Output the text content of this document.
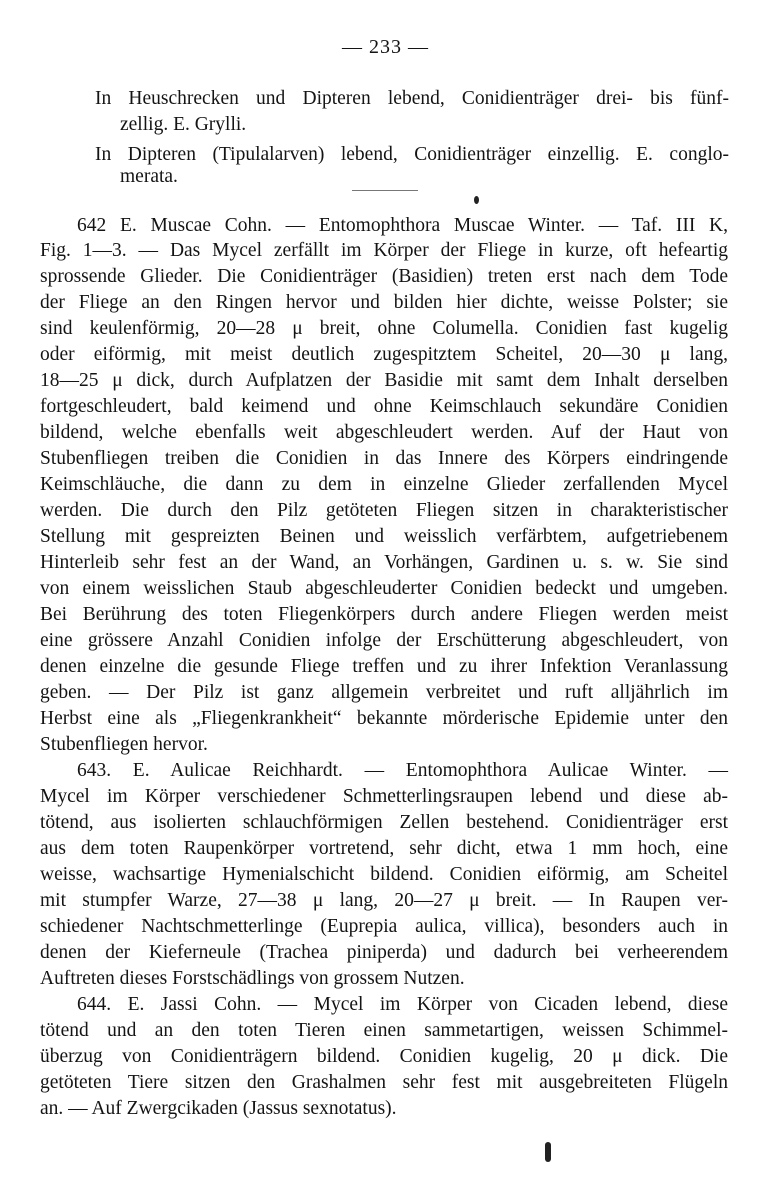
— 233 —
In Heuschrecken und Dipteren lebend, Conidienträger drei- bis fünf-
zellig. E. Grylli.
In Dipteren (Tipulalarven) lebend, Conidienträger einzellig. E. conglo-
merata.
642 E. Muscae Cohn. — Entomophthora Muscae Winter. — Taf. III K,
Fig. 1—3. — Das Mycel zerfällt im Körper der Fliege in kurze, oft hefeartig
sprossende Glieder. Die Conidienträger (Basidien) treten erst nach dem Tode
der Fliege an den Ringen hervor und bilden hier dichte, weisse Polster; sie
sind keulenförmig, 20—28 μ breit, ohne Columella. Conidien fast kugelig
oder eiförmig, mit meist deutlich zugespitztem Scheitel, 20—30 μ lang,
18—25 μ dick, durch Aufplatzen der Basidie mit samt dem Inhalt derselben
fortgeschleudert, bald keimend und ohne Keimschlauch sekundäre Conidien
bildend, welche ebenfalls weit abgeschleudert werden. Auf der Haut von
Stubenfliegen treiben die Conidien in das Innere des Körpers eindringende
Keimschläuche, die dann zu dem in einzelne Glieder zerfallenden Mycel
werden. Die durch den Pilz getöteten Fliegen sitzen in charakteristischer
Stellung mit gespreizten Beinen und weisslich verfärbtem, aufgetriebenem
Hinterleib sehr fest an der Wand, an Vorhängen, Gardinen u. s. w. Sie sind
von einem weisslichen Staub abgeschleuderter Conidien bedeckt und umgeben.
Bei Berührung des toten Fliegenkörpers durch andere Fliegen werden meist
eine grössere Anzahl Conidien infolge der Erschütterung abgeschleudert, von
denen einzelne die gesunde Fliege treffen und zu ihrer Infektion Veranlassung
geben. — Der Pilz ist ganz allgemein verbreitet und ruft alljährlich im
Herbst eine als „Fliegenkrankheit“ bekannte mörderische Epidemie unter den
Stubenfliegen hervor.
643. E. Aulicae Reichhardt. — Entomophthora Aulicae Winter. —
Mycel im Körper verschiedener Schmetterlingsraupen lebend und diese ab-
tötend, aus isolierten schlauchförmigen Zellen bestehend. Conidienträger erst
aus dem toten Raupenkörper vortretend, sehr dicht, etwa 1 mm hoch, eine
weisse, wachsartige Hymenialschicht bildend. Conidien eiförmig, am Scheitel
mit stumpfer Warze, 27—38 μ lang, 20—27 μ breit. — In Raupen ver-
schiedener Nachtschmetterlinge (Euprepia aulica, villica), besonders auch in
denen der Kieferneule (Trachea piniperda) und dadurch bei verheerendem
Auftreten dieses Forstschädlings von grossem Nutzen.
644. E. Jassi Cohn. — Mycel im Körper von Cicaden lebend, diese
tötend und an den toten Tieren einen sammetartigen, weissen Schimmel-
überzug von Conidienträgern bildend. Conidien kugelig, 20 μ dick. Die
getöteten Tiere sitzen den Grashalmen sehr fest mit ausgebreiteten Flügeln
an. — Auf Zwergcikaden (Jassus sexnotatus).
